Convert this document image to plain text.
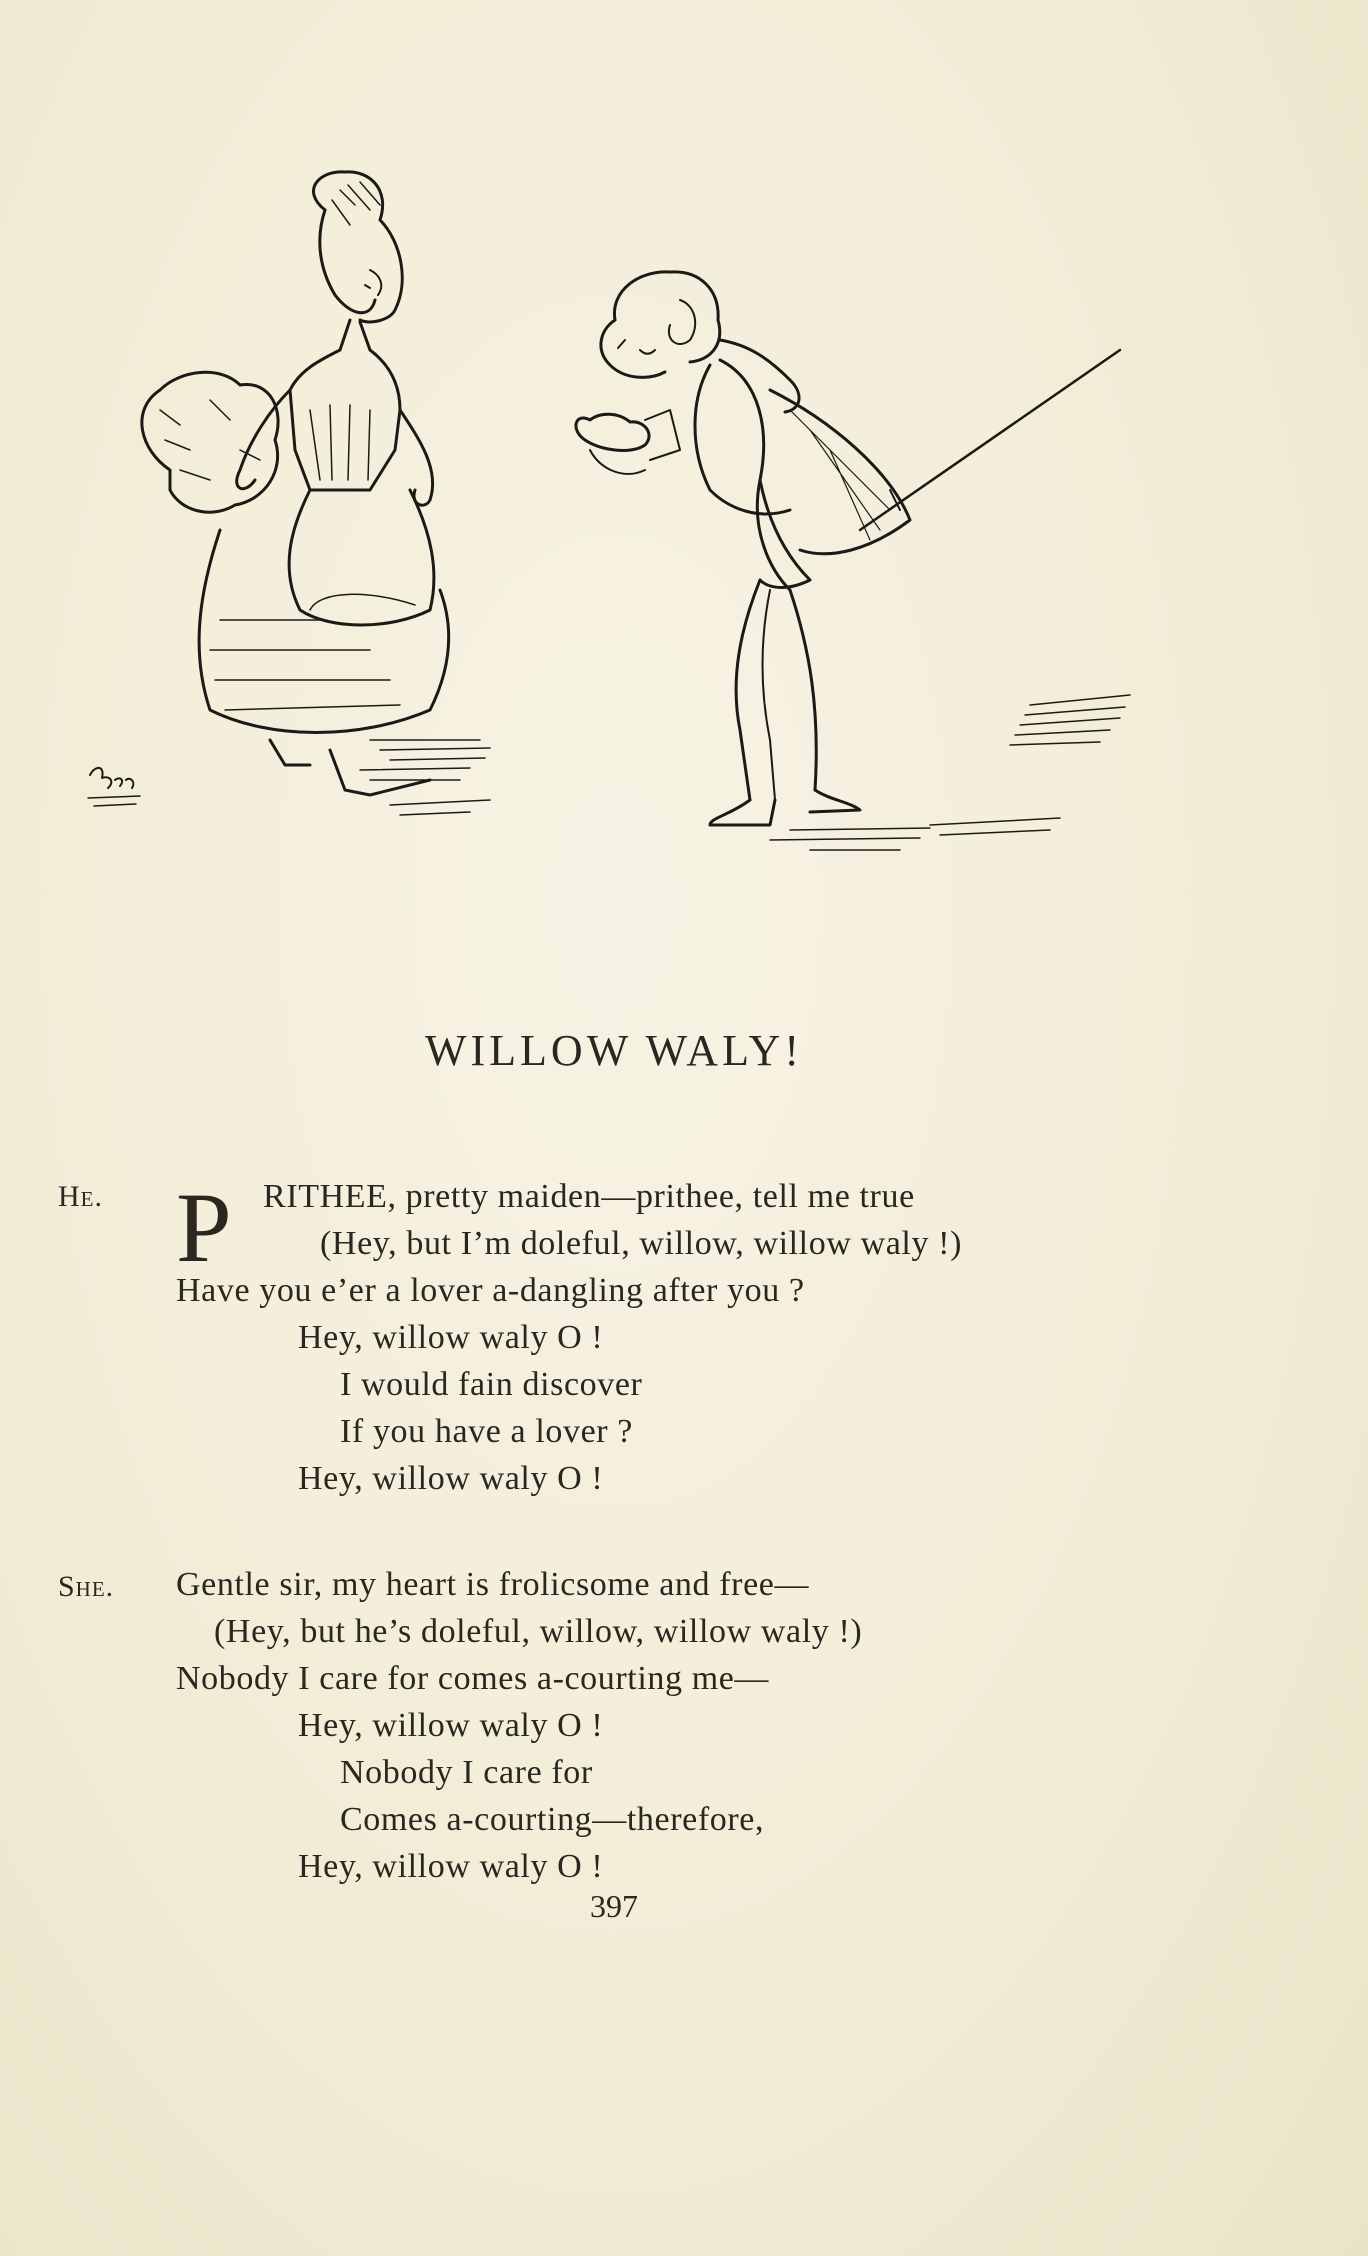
WILLOW WALY!
He. P RITHEE, pretty maiden—prithee, tell me true
(Hey, but I’m doleful, willow, willow waly !)
Have you e’er a lover a-dangling after you ?
Hey, willow waly O !
I would fain discover
If you have a lover ?
Hey, willow waly O !
She. Gentle sir, my heart is frolicsome and free—
(Hey, but he’s doleful, willow, willow waly !)
Nobody I care for comes a-courting me—
Hey, willow waly O !
Nobody I care for
Comes a-courting—therefore,
Hey, willow waly O !
397
